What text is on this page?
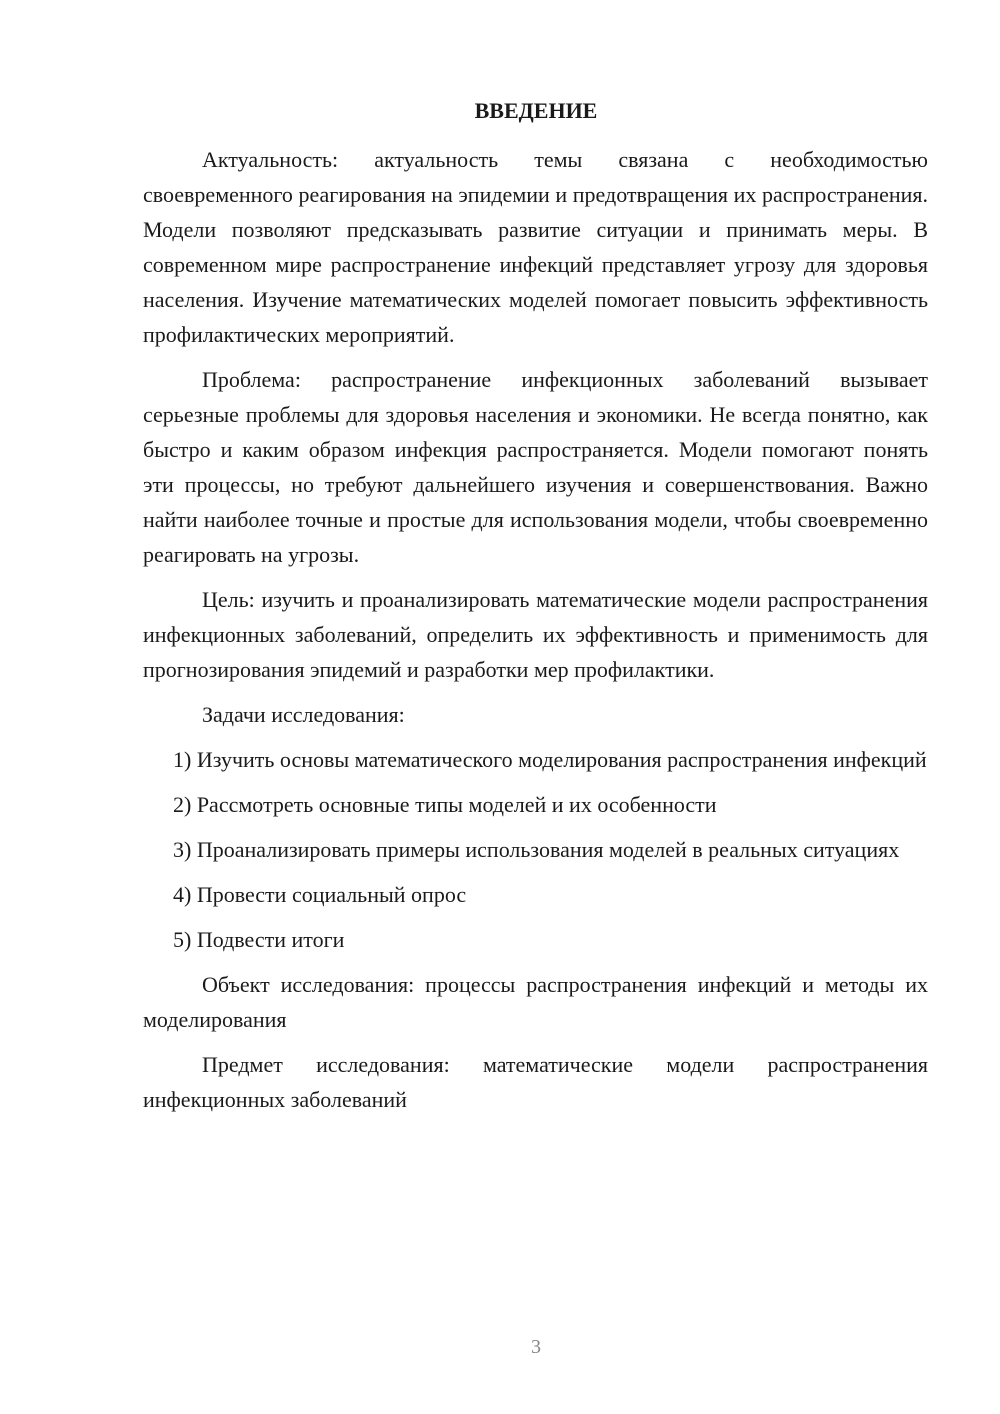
ВВЕДЕНИЕ

Актуальность: актуальность темы связана с необходимостью своевременного реагирования на эпидемии и предотвращения их распространения. Модели позволяют предсказывать развитие ситуации и принимать меры. В современном мире распространение инфекций представляет угрозу для здоровья населения. Изучение математических моделей помогает повысить эффективность профилактических мероприятий.

Проблема: распространение инфекционных заболеваний вызывает серьезные проблемы для здоровья населения и экономики. Не всегда понятно, как быстро и каким образом инфекция распространяется. Модели помогают понять эти процессы, но требуют дальнейшего изучения и совершенствования. Важно найти наиболее точные и простые для использования модели, чтобы своевременно реагировать на угрозы.

Цель: изучить и проанализировать математические модели распространения инфекционных заболеваний, определить их эффективность и применимость для прогнозирования эпидемий и разработки мер профилактики.

Задачи исследования:

1) Изучить основы математического моделирования распространения инфекций

2) Рассмотреть основные типы моделей и их особенности

3) Проанализировать примеры использования моделей в реальных ситуациях

4) Провести социальный опрос

5) Подвести итоги

Объект исследования: процессы распространения инфекций и методы их моделирования

Предмет исследования: математические модели распространения инфекционных заболеваний

3
